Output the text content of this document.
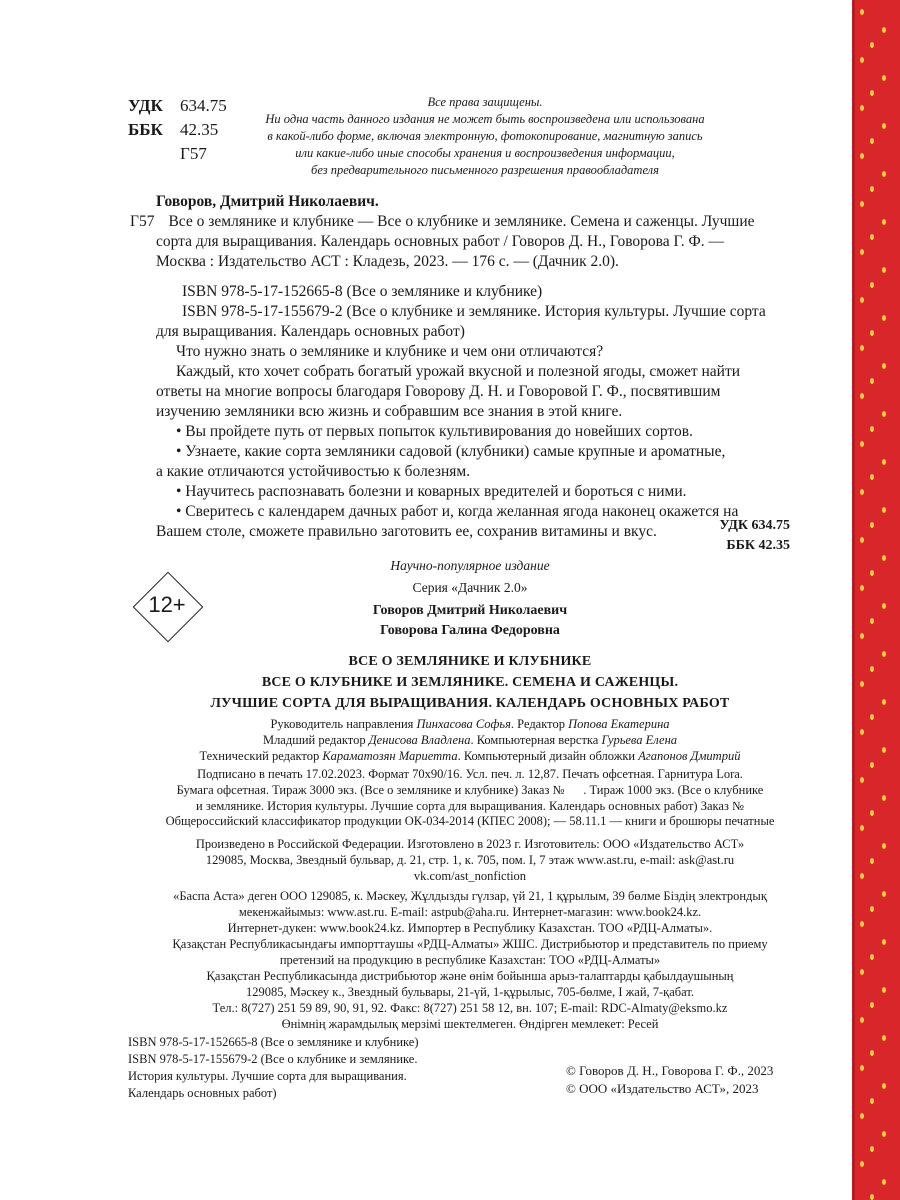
УДК 634.75
ББК 42.35
Г57
Все права защищены.
Ни одна часть данного издания не может быть воспроизведена или использована
в какой-либо форме, включая электронную, фотокопирование, магнитную запись
или какие-либо иные способы хранения и воспроизведения информации,
без предварительного письменного разрешения правообладателя

Говоров, Дмитрий Николаевич.

Г57 Все о землянике и клубнике — Все о клубнике и землянике. Семена и саженцы. Лучшие

сорта для выращивания. Календарь основных работ / Говоров Д. Н., Говорова Г. Ф. —

Москва : Издательство АСТ : Кладезь, 2023. — 176 с. — (Дачник 2.0).

ISBN 978-5-17-152665-8 (Все о землянике и клубнике)

ISBN 978-5-17-155679-2 (Все о клубнике и землянике. История культуры. Лучшие сорта

для выращивания. Календарь основных работ)

Что нужно знать о землянике и клубнике и чем они отличаются?

Каждый, кто хочет собрать богатый урожай вкусной и полезной ягоды, сможет найти

ответы на многие вопросы благодаря Говорову Д. Н. и Говоровой Г. Ф., посвятившим

изучению земляники всю жизнь и собравшим все знания в этой книге.

• Вы пройдете путь от первых попыток культивирования до новейших сортов.

• Узнаете, какие сорта земляники садовой (клубники) самые крупные и ароматные,

а какие отличаются устойчивостью к болезням.

• Научитесь распознавать болезни и коварных вредителей и бороться с ними.

• Сверитесь с календарем дачных работ и, когда желанная ягода наконец окажется на

Вашем столе, сможете правильно заготовить ее, сохранив витамины и вкус.	УДК 634.75
ББК 42.35
12+
Научно-популярное издание
Серия «Дачник 2.0»
Говоров Дмитрий Николаевич
Говорова Галина Федоровна
ВСЕ О ЗЕМЛЯНИКЕ И КЛУБНИКЕ
ВСЕ О КЛУБНИКЕ И ЗЕМЛЯНИКЕ. СЕМЕНА И САЖЕНЦЫ.
ЛУЧШИЕ СОРТА ДЛЯ ВЫРАЩИВАНИЯ. КАЛЕНДАРЬ ОСНОВНЫХ РАБОТ
Руководитель направления Пинхасова Софья. Редактор Попова Екатерина
Младший редактор Денисова Владлена. Компьютерная верстка Гурьева Елена
Технический редактор Караматозян Мариетта. Компьютерный дизайн обложки Агапонов Дмитрий
Подписано в печать 17.02.2023. Формат 70х90/16. Усл. печ. л. 12,87. Печать офсетная. Гарнитура Lora.
Бумага офсетная. Тираж 3000 экз. (Все о землянике и клубнике) Заказ №      . Тираж 1000 экз. (Все о клубнике
и землянике. История культуры. Лучшие сорта для выращивания. Календарь основных работ) Заказ №
Общероссийский классификатор продукции ОК-034-2014 (КПЕС 2008); — 58.11.1 — книги и брошюры печатные
Произведено в Российской Федерации. Изготовлено в 2023 г. Изготовитель: ООО «Издательство АСТ»
129085, Москва, Звездный бульвар, д. 21, стр. 1, к. 705, пом. I, 7 этаж www.ast.ru, e-mail: ask@ast.ru
vk.com/ast_nonfiction
«Баспа Аста» деген ООО 129085, к. Мәскеу, Жұлдызды гүлзар, үй 21, 1 құрылым, 39 бөлме Біздің электрондық
мекенжайымыз: www.ast.ru. E-mail: astpub@aha.ru. Интернет-магазин: www.book24.kz.
Интернет-дукен: www.book24.kz. Импортер в Республику Казахстан. ТОО «РДЦ-Алматы».
Қазақстан Республикасындағы импорттаушы «РДЦ-Алматы» ЖШС. Дистрибьютор и представитель по приему
претензий на продукцию в республике Казахстан: ТОО «РДЦ-Алматы»
Қазақстан Республикасында дистрибьютор және өнім бойынша арыз-талаптарды қабылдаушының
129085, Мәскеу к., Звездный бульвары, 21-үй, 1-құрылыс, 705-бөлме, I жай, 7-қабат.
Тел.: 8(727) 251 59 89, 90, 91, 92. Факс: 8(727) 251 58 12, вн. 107; E-mail: RDC-Almaty@eksmo.kz
Өнімнің жарамдылық мерзімі шектелмеген. Өндірген мемлекет: Ресей
ISBN 978-5-17-152665-8 (Все о землянике и клубнике)
ISBN 978-5-17-155679-2 (Все о клубнике и землянике.
История культуры. Лучшие сорта для выращивания.
Календарь основных работ)
© Говоров Д. Н., Говорова Г. Ф., 2023
© ООО «Издательство АСТ», 2023
